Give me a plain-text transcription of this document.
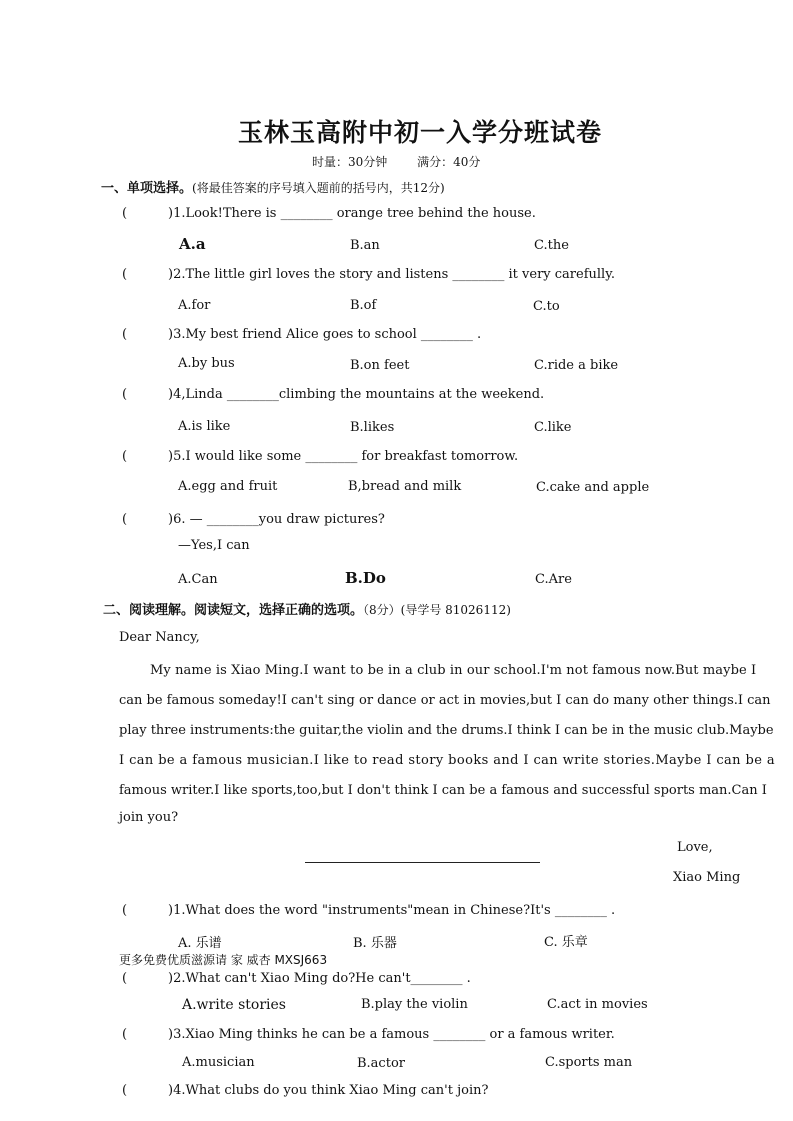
玉林玉高附中初一入学分班试卷
时量：30分钟 满分：40分
一、单项选择。(将最佳答案的序号填入题前的括号内，共12分)
(	)1.Look!There is ________ orange tree behind the house.
A.a	B.an	C.the
(	)2.The little girl loves the story and listens ________ it very carefully.
A.for	B.of	C.to
(	)3.My best friend Alice goes to school ________ .
A.by bus	B.on feet	C.ride a bike
(	)4,Linda ________climbing the mountains at the weekend.
A.is like	B.likes	C.like
(	)5.I would like some ________ for breakfast tomorrow.
A.egg and fruit	B,bread and milk	C.cake and apple
(	)6. — ________you draw pictures?
—Yes,I can
A.Can	B.Do	C.Are
二、阅读理解。阅读短文，选择正确的选项。（8分）(导学号 81026112)
Dear Nancy,
My name is Xiao Ming.I want to be in a club in our school.I'm not famous now.But maybe I
can be famous someday!I can't sing or dance or act in movies,but I can do many other things.I can
play three instruments:the guitar,the violin and the drums.I think I can be in the music club.Maybe
I can be a famous musician.I like to read story books and I can write stories.Maybe I can be a
famous writer.I like sports,too,but I don't think I can be a famous and successful sports man.Can I
join you?
Love,
Xiao Ming
(	)1.What does the word "instruments"mean in Chinese?It's ________ .
A. 乐谱	B. 乐器	C. 乐章
更多免费优质滋源请 家 威杏 MXSJ663
(	)2.What can't Xiao Ming do?He can't________ .
A.write stories	B.play the violin	C.act in movies
(	)3.Xiao Ming thinks he can be a famous ________ or a famous writer.
A.musician	B.actor	C.sports man
(	)4.What clubs do you think Xiao Ming can't join?
